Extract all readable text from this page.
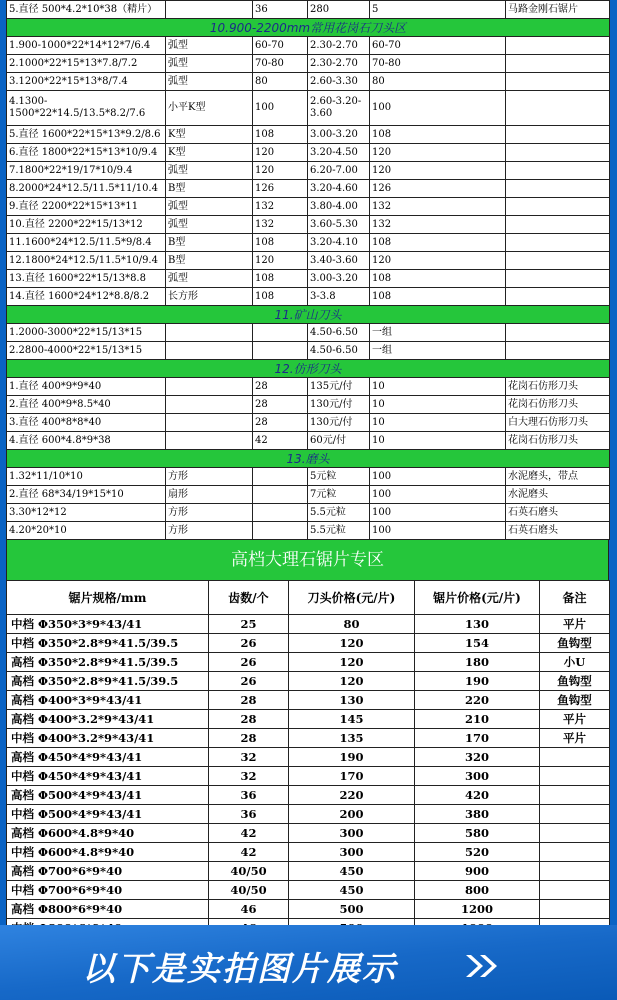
5.直径 500*4.2*10*38（精片）		36	280	5	马路金刚石锯片
10.900-2200mm常用花岗石刀头区					
1.900-1000*22*14*12*7/6.4	弧型	60-70	2.30-2.70	60-70	
2.1000*22*15*13*7.8/7.2	弧型	70-80	2.30-2.70	70-80	
3.1200*22*15*13*8/7.4	弧型	80	2.60-3.30	80	
4.1300-1500*22*14.5/13.5*8.2/7.6	小平K型	100	2.60-3.20-3.60	100	
5.直径 1600*22*15*13*9.2/8.6	K型	108	3.00-3.20	108	
6.直径 1800*22*15*13*10/9.4	K型	120	3.20-4.50	120	
7.1800*22*19/17*10/9.4	弧型	120	6.20-7.00	120	
8.2000*24*12.5/11.5*11/10.4	B型	126	3.20-4.60	126	
9.直径 2200*22*15*13*11	弧型	132	3.80-4.00	132	
10.直径 2200*22*15/13*12	弧型	132	3.60-5.30	132	
11.1600*24*12.5/11.5*9/8.4	B型	108	3.20-4.10	108	
12.1800*24*12.5/11.5*10/9.4	B型	120	3.40-3.60	120	
13.直径 1600*22*15/13*8.8	弧型	108	3.00-3.20	108	
14.直径 1600*24*12*8.8/8.2	长方形	108	3-3.8	108	
11.矿山刀头					
1.2000-3000*22*15/13*15			4.50-6.50	一组	
2.2800-4000*22*15/13*15			4.50-6.50	一组	
12.仿形刀头					
1.直径 400*9*9*40		28	135元/付	10	花岗石仿形刀头
2.直径 400*9*8.5*40		28	130元/付	10	花岗石仿形刀头
3.直径 400*8*8*40		28	130元/付	10	白大理石仿形刀头
4.直径 600*4.8*9*38		42	60元/付	10	花岗石仿形刀头
13.磨头					
1.32*11/10*10	方形		5元粒	100	水泥磨头，带点
2.直径 68*34/19*15*10	扇形		7元粒	100	水泥磨头
3.30*12*12	方形		5.5元粒	100	石英石磨头
4.20*20*10	方形		5.5元粒	100	石英石磨头
高档大理石锯片专区
锯片规格/mm	齿数/个	刀头价格(元/片)	锯片价格(元/片)	备注
中档 Φ350*3*9*43/41	25	80	130	平片
中档 Φ350*2.8*9*41.5/39.5	26	120	154	鱼钩型
高档 Φ350*2.8*9*41.5/39.5	26	120	180	小U
高档 Φ350*2.8*9*41.5/39.5	26	120	190	鱼钩型
高档 Φ400*3*9*43/41	28	130	220	鱼钩型
高档 Φ400*3.2*9*43/41	28	145	210	平片
中档 Φ400*3.2*9*43/41	28	135	170	平片
高档 Φ450*4*9*43/41	32	190	320	
中档 Φ450*4*9*43/41	32	170	300	
高档 Φ500*4*9*43/41	36	220	420	
中档 Φ500*4*9*43/41	36	200	380	
高档 Φ600*4.8*9*40	42	300	580	
中档 Φ600*4.8*9*40	42	300	520	
高档 Φ700*6*9*40	40/50	450	900	
中档 Φ700*6*9*40	40/50	450	800	
高档 Φ800*6*9*40	46	500	1200	

以下是实拍图片展示
